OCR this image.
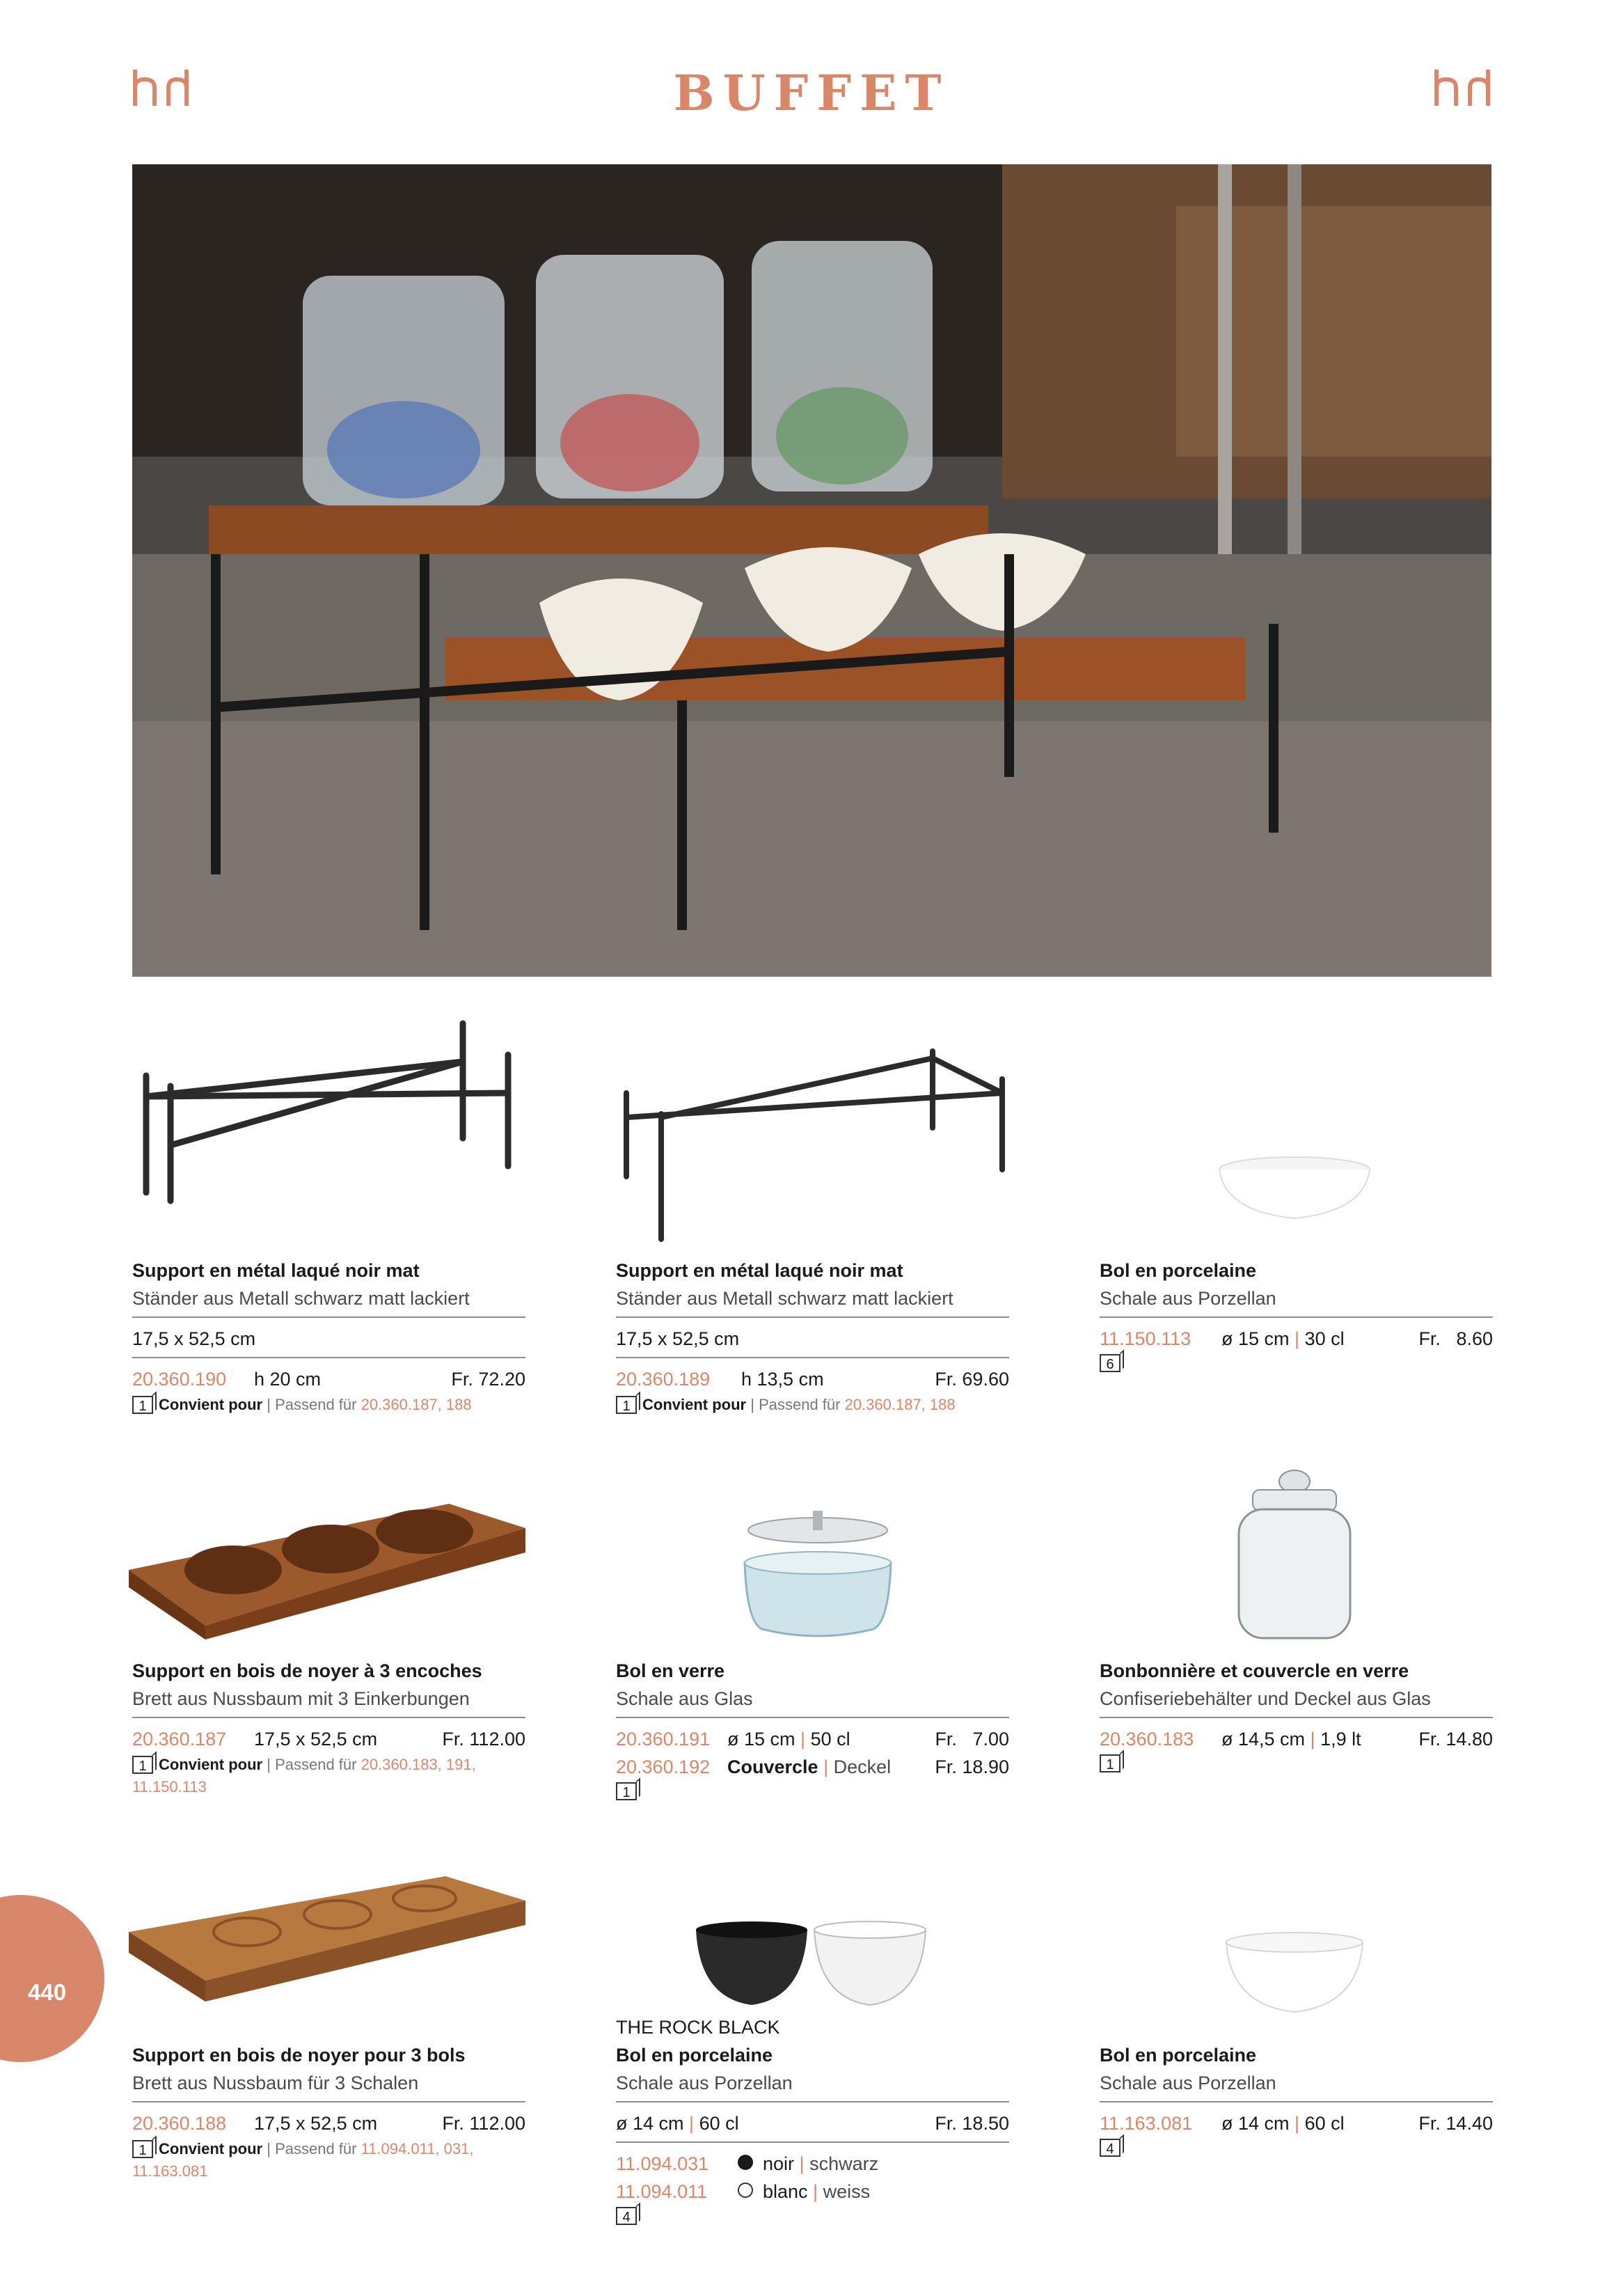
BUFFET
Support en métal laqué noir mat
Ständer aus Metall schwarz matt lackiert
17,5 x 52,5 cm
20.360.190	h 20 cm	Fr. 72.20
1 Convient pour | Passend für 20.360.187, 188
Support en métal laqué noir mat
Ständer aus Metall schwarz matt lackiert
17,5 x 52,5 cm
20.360.189	h 13,5 cm	Fr. 69.60
1 Convient pour | Passend für 20.360.187, 188
Bol en porcelaine
Schale aus Porzellan
11.150.113	ø 15 cm | 30 cl	Fr.   8.60
6
Support en bois de noyer à 3 encoches
Brett aus Nussbaum mit 3 Einkerbungen
20.360.187	17,5 x 52,5 cm	Fr. 112.00
1 Convient pour | Passend für 20.360.183, 191,
11.150.113
Bol en verre
Schale aus Glas
20.360.191 ø 15 cm | 50 cl	Fr.   7.00
20.360.192 Couvercle | Deckel Fr. 18.90
1
Bonbonnière et couvercle en verre
Confiseriebehälter und Deckel aus Glas
20.360.183	ø 14,5 cm | 1,9 lt	Fr. 14.80
1
Support en bois de noyer pour 3 bols
Brett aus Nussbaum für 3 Schalen
20.360.188	17,5 x 52,5 cm	Fr. 112.00
1 Convient pour | Passend für 11.094.011, 031,
11.163.081
THE ROCK BLACK
Bol en porcelaine
Schale aus Porzellan
ø 14 cm | 60 cl	Fr. 18.50
11.094.031	noir | schwarz
11.094.011	blanc | weiss
4
Bol en porcelaine
Schale aus Porzellan
11.163.081	ø 14 cm | 60 cl	Fr. 14.40
4
440
